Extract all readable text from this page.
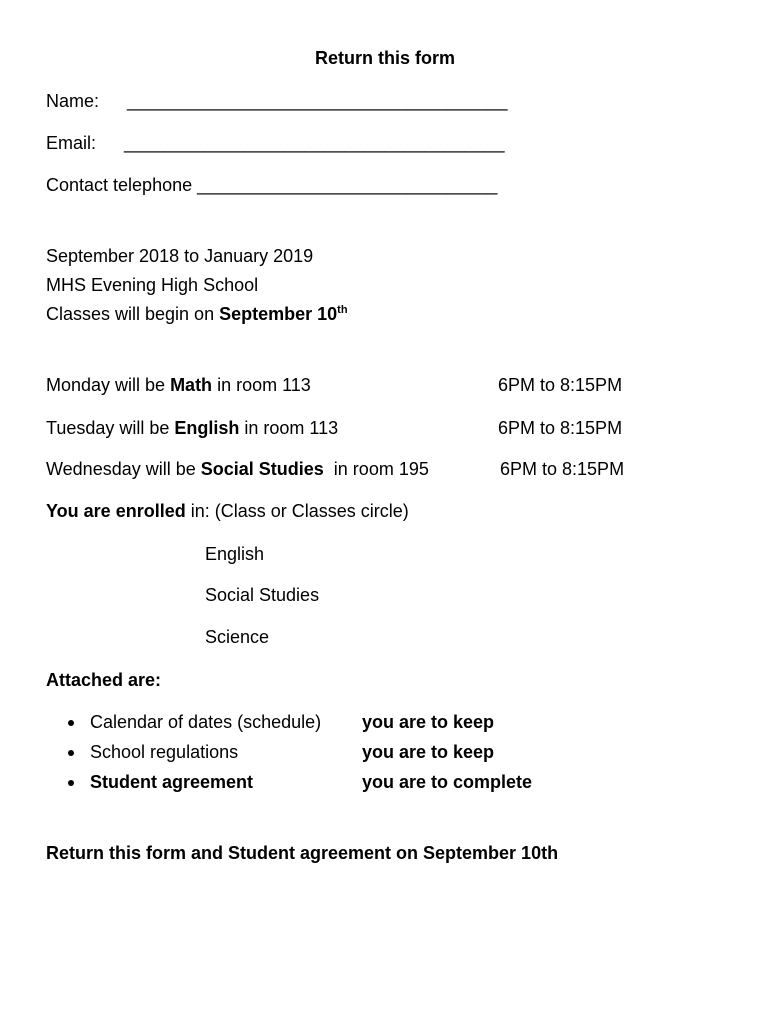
Return this form
Name: ______________________________________
Email: ______________________________________
Contact telephone ______________________________
September 2018 to January 2019
MHS Evening High School
Classes will begin on September 10th
Monday will be Math in room 113	6PM to 8:15PM
Tuesday will be English in room 113	6PM to 8:15PM
Wednesday will be Social Studies  in room 195	6PM to 8:15PM
You are enrolled in: (Class or Classes circle)
English
Social Studies
Science
Attached are:
Calendar of dates (schedule) you are to keep
School regulations	you are to keep
Student agreement	you are to complete
Return this form and Student agreement on September 10th
